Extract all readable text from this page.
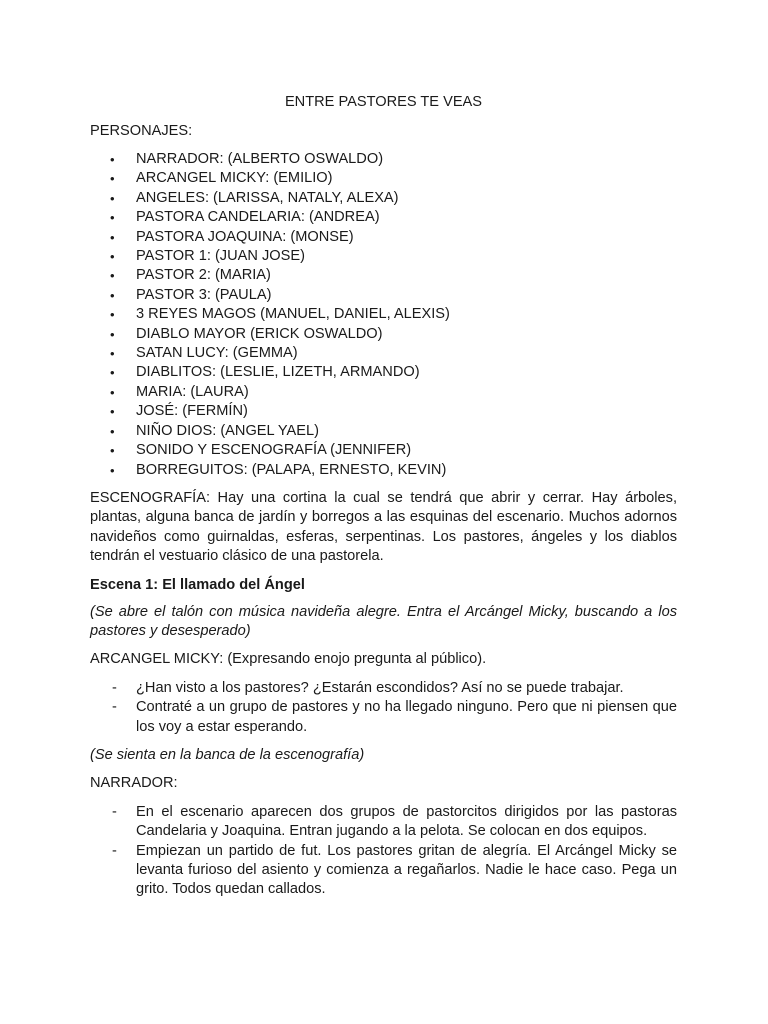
ENTRE PASTORES TE VEAS

PERSONAJES:

• NARRADOR: (ALBERTO OSWALDO)
• ARCANGEL MICKY: (EMILIO)
• ANGELES: (LARISSA, NATALY, ALEXA)
• PASTORA CANDELARIA: (ANDREA)
• PASTORA JOAQUINA: (MONSE)
• PASTOR 1: (JUAN JOSE)
• PASTOR 2: (MARIA)
• PASTOR 3: (PAULA)
• 3 REYES MAGOS (MANUEL, DANIEL, ALEXIS)
• DIABLO MAYOR (ERICK OSWALDO)
• SATAN LUCY: (GEMMA)
• DIABLITOS: (LESLIE, LIZETH, ARMANDO)
• MARIA: (LAURA)
• JOSÉ: (FERMÍN)
• NIÑO DIOS: (ANGEL YAEL)
• SONIDO Y ESCENOGRAFÍA (JENNIFER)
• BORREGUITOS: (PALAPA, ERNESTO, KEVIN)

ESCENOGRAFÍA: Hay una cortina la cual se tendrá que abrir y cerrar. Hay árboles, plantas, alguna banca de jardín y borregos a las esquinas del escenario. Muchos adornos navideños como guirnaldas, esferas, serpentinas. Los pastores, ángeles y los diablos tendrán el vestuario clásico de una pastorela.

Escena 1: El llamado del Ángel

(Se abre el talón con música navideña alegre. Entra el Arcángel Micky, buscando a los pastores y desesperado)

ARCANGEL MICKY: (Expresando enojo pregunta al público).

- ¿Han visto a los pastores? ¿Estarán escondidos? Así no se puede trabajar.
- Contraté a un grupo de pastores y no ha llegado ninguno. Pero que ni piensen que los voy a estar esperando.

(Se sienta en la banca de la escenografía)

NARRADOR:

- En el escenario aparecen dos grupos de pastorcitos dirigidos por las pastoras Candelaria y Joaquina. Entran jugando a la pelota. Se colocan en dos equipos.
- Empiezan un partido de fut. Los pastores gritan de alegría. El Arcángel Micky se levanta furioso del asiento y comienza a regañarlos. Nadie le hace caso. Pega un grito. Todos quedan callados.
